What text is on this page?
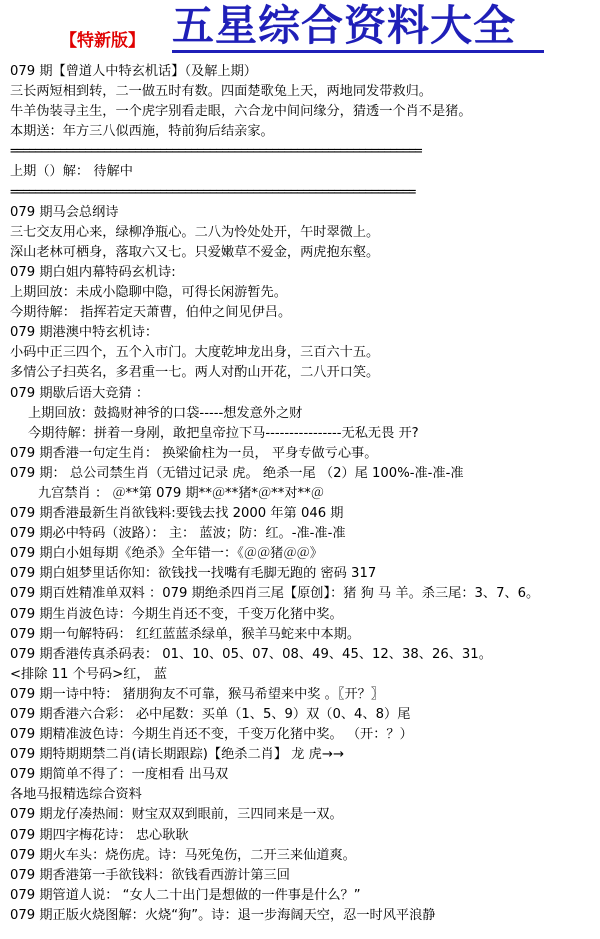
【特新版】 五星综合资料大全
079 期【曾道人中特玄机话】（及解上期）
三长两短相到转，二一做五时有数。四面楚歌兔上天，两地同发带救归。
牛羊伪装寻主生，一个虎字别看走眼，六合龙中间问缘分，猜透一个肖不是猪。
本期送：年方三八似西施，特前狗后结亲家。
==================================================================
上期（）解： 待解中
=================================================================
079 期马会总纲诗
三七交友用心来，绿柳净瓶心。二八为怜处处开，午时翠微上。
深山老林可栖身，落取六又七。只爱嫩草不爱金，两虎抱东壑。
079 期白姐内幕特码玄机诗:
上期回放：未成小隐聊中隐，可得长闲游暂先。
今期待解： 指挥若定天萧曹，伯仲之间见伊吕。
079 期港澳中特玄机诗：
小码中正三四个，五个入市门。大度乾坤龙出身，三百六十五。
多情公子扫英名，多君重一七。两人对酌山开花，二八开口笑。
079 期歇后语大竞猜 ：
上期回放：鼓捣财神爷的口袋-----想发意外之财
今期待解：拼着一身剐，敢把皇帝拉下马----------------无私无畏 开?
079 期香港一句定生肖： 换梁偷柱为一员， 平身专做亏心事。
079 期： 总公司禁生肖（无错过记录 虎。 绝杀一尾 （2）尾 100%-准-准-准
九宫禁肖 ： ＠**第 079 期**＠**猪*＠**对**＠
079 期香港最新生肖欲钱料:要钱去找 2000 年第 046 期
079 期必中特码（波路）： 主： 蓝波；防：红。-准-准-准
079 期白小姐每期《绝杀》全年错一：《＠＠猪＠＠》
079 期白姐梦里话你知：欲钱找一找嘴有毛脚无跑的 密码 317
079 期百姓精准单双料 ：079 期绝杀四肖三尾【原创】：猪 狗 马 羊。杀三尾：3、7、6。
079 期生肖波色诗：今期生肖还不变，千变万化猪中奖。
079 期一句解特码： 红红蓝蓝杀绿单，猴羊马蛇来中本期。
079 期香港传真杀码表： 01、10、05、07、08、49、45、12、38、26、31。
<排除 11 个号码>红， 蓝
079 期一诗中特： 猪朋狗友不可靠，猴马希望来中奖 。〖开？〗
079 期香港六合彩： 必中尾数：买单（1、5、9）双（0、4、8）尾
079 期精准波色诗：今期生肖还不变，千变万化猪中奖。 （开：？）
079 期特期期禁二肖(请长期跟踪)【绝杀二肖】 龙 虎→→
079 期简单不得了：一度相看 出马双
各地马报精选综合资料
079 期龙仔凑热闹：财宝双双到眼前，三四同来是一双。
079 期四字梅花诗： 忠心耿耿
079 期火车头：烧伤虎。诗：马死兔伤，二开三来仙道爽。
079 期香港第一手欲钱料：欲钱看西游计第三回
079 期管道人说： “女人二十出门是想做的一件事是什么？”
079 期正版火烧图解：火烧“狗”。诗：退一步海阔天空，忍一时风平浪静
